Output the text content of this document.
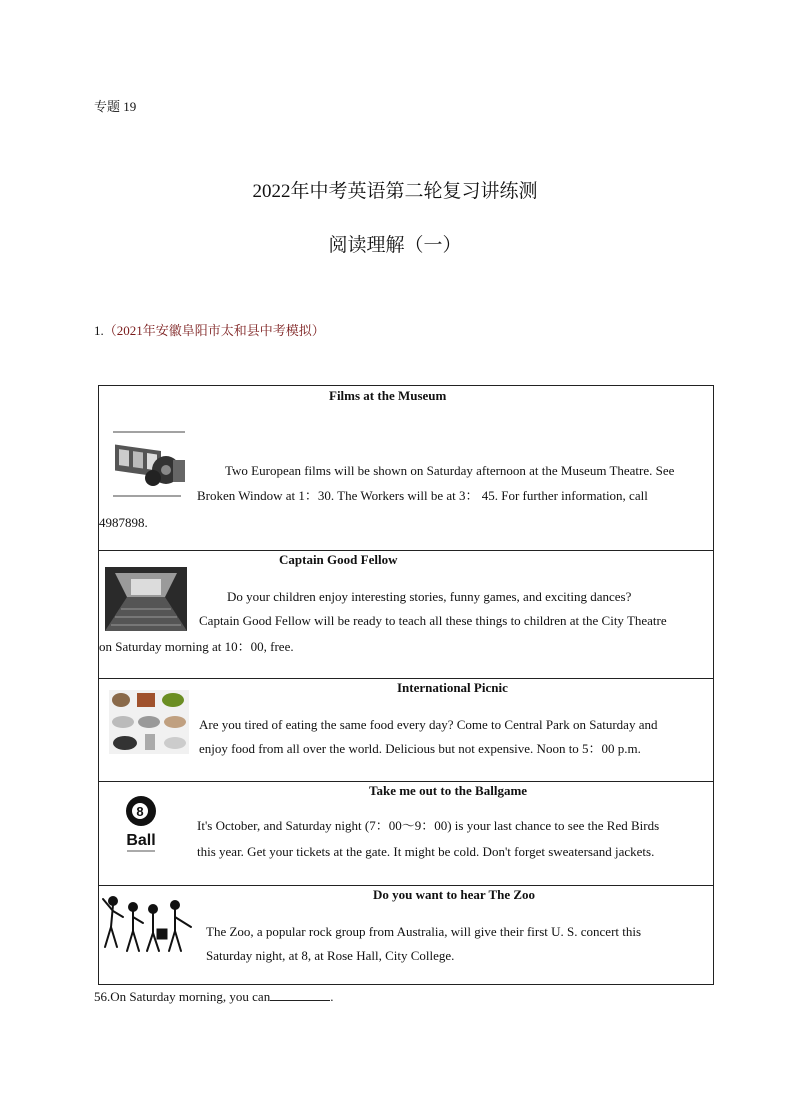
专题 19
2022年中考英语第二轮复习讲练测
阅读理解（一）
1.（2021年安徽阜阳市太和县中考模拟）
Films at the Museum
Two European films will be shown on Saturday afternoon at the Museum Theatre. See
Broken Window at 1：30. The Workers will be at 3： 45. For further information, call
4987898.
Captain Good Fellow
Do your children enjoy interesting stories, funny games, and exciting dances?
Captain Good Fellow will be ready to teach all these things to children at the City Theatre
on Saturday morning at 10：00, free.
International Picnic
Are you tired of eating the same food every day? Come to Central Park on Saturday and
enjoy food from all over the world. Delicious but not expensive. Noon to 5：00 p.m.
Take me out to the Ballgame
8
Ball
It's October, and Saturday night (7：00～9：00) is your last chance to see the Red Birds
this year. Get your tickets at the gate. It might be cold. Don't forget sweatersand jackets.
Do you want to hear The Zoo
The Zoo, a popular rock group from Australia, will give their first U. S. concert this
Saturday night, at 8, at Rose Hall, City College.
56.On Saturday morning, you can	.
